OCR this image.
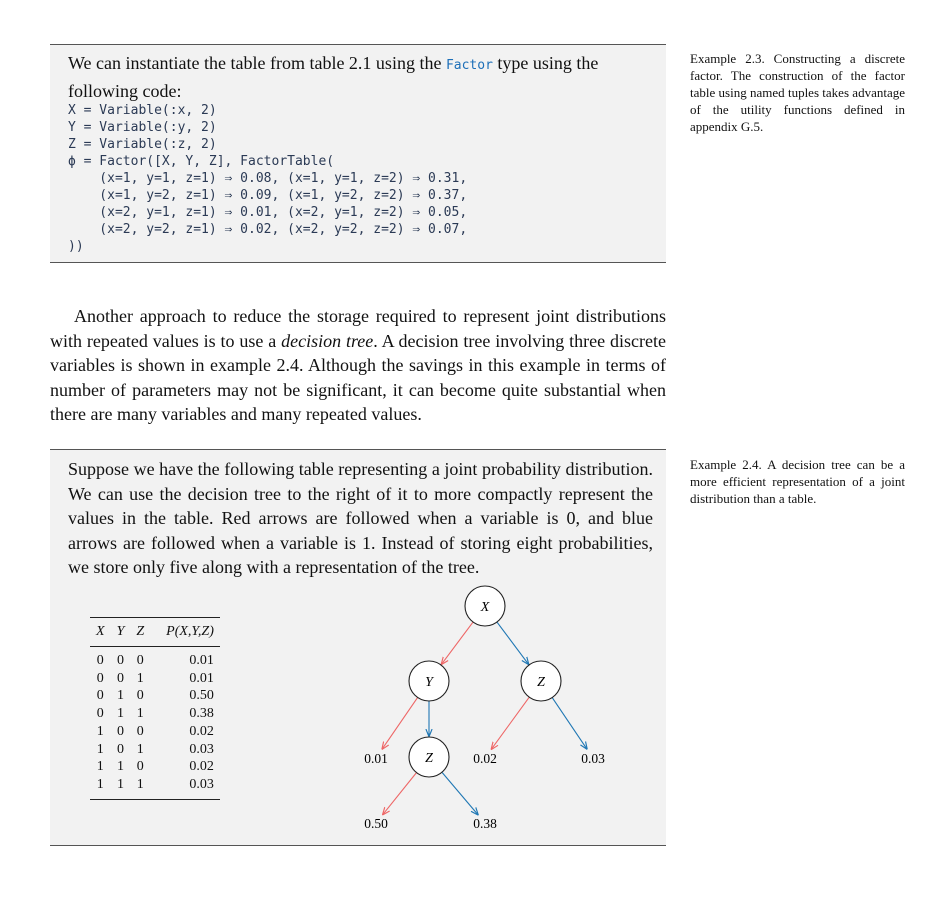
We can instantiate the table from table 2.1 using the Factor type using the following code:
X = Variable(:x, 2)
Y = Variable(:y, 2)
Z = Variable(:z, 2)
ϕ = Factor([X, Y, Z], FactorTable(
(x=1, y=1, z=1) ⇒ 0.08, (x=1, y=1, z=2) ⇒ 0.31,
(x=1, y=2, z=1) ⇒ 0.09, (x=1, y=2, z=2) ⇒ 0.37,
(x=2, y=1, z=1) ⇒ 0.01, (x=2, y=1, z=2) ⇒ 0.05,
(x=2, y=2, z=1) ⇒ 0.02, (x=2, y=2, z=2) ⇒ 0.07,
))
Example 2.3. Constructing a discrete factor. The construction of the factor table using named tuples takes advantage of the utility functions defined in appendix G.5.
Another approach to reduce the storage required to represent joint distributions with repeated values is to use a decision tree. A decision tree involving three discrete variables is shown in example 2.4. Although the savings in this example in terms of number of parameters may not be significant, it can become quite substantial when there are many variables and many repeated values.
Suppose we have the following table representing a joint probability distribution. We can use the decision tree to the right of it to more compactly represent the values in the table. Red arrows are followed when a variable is 0, and blue arrows are followed when a variable is 1. Instead of storing eight probabilities, we store only five along with a representation of the tree.
X	Y	Z	P(X,Y,Z)
0	0	0	0.01
0	0	1	0.01
0	1	0	0.50
0	1	1	0.38
1	0	0	0.02
1	0	1	0.03
1	1	0	0.02
1	1	1	0.03
X
Y	Z
Z
0.01	0.02	0.03
0.50	0.38
Example 2.4. A decision tree can be a more efficient representation of a joint distribution than a table.
